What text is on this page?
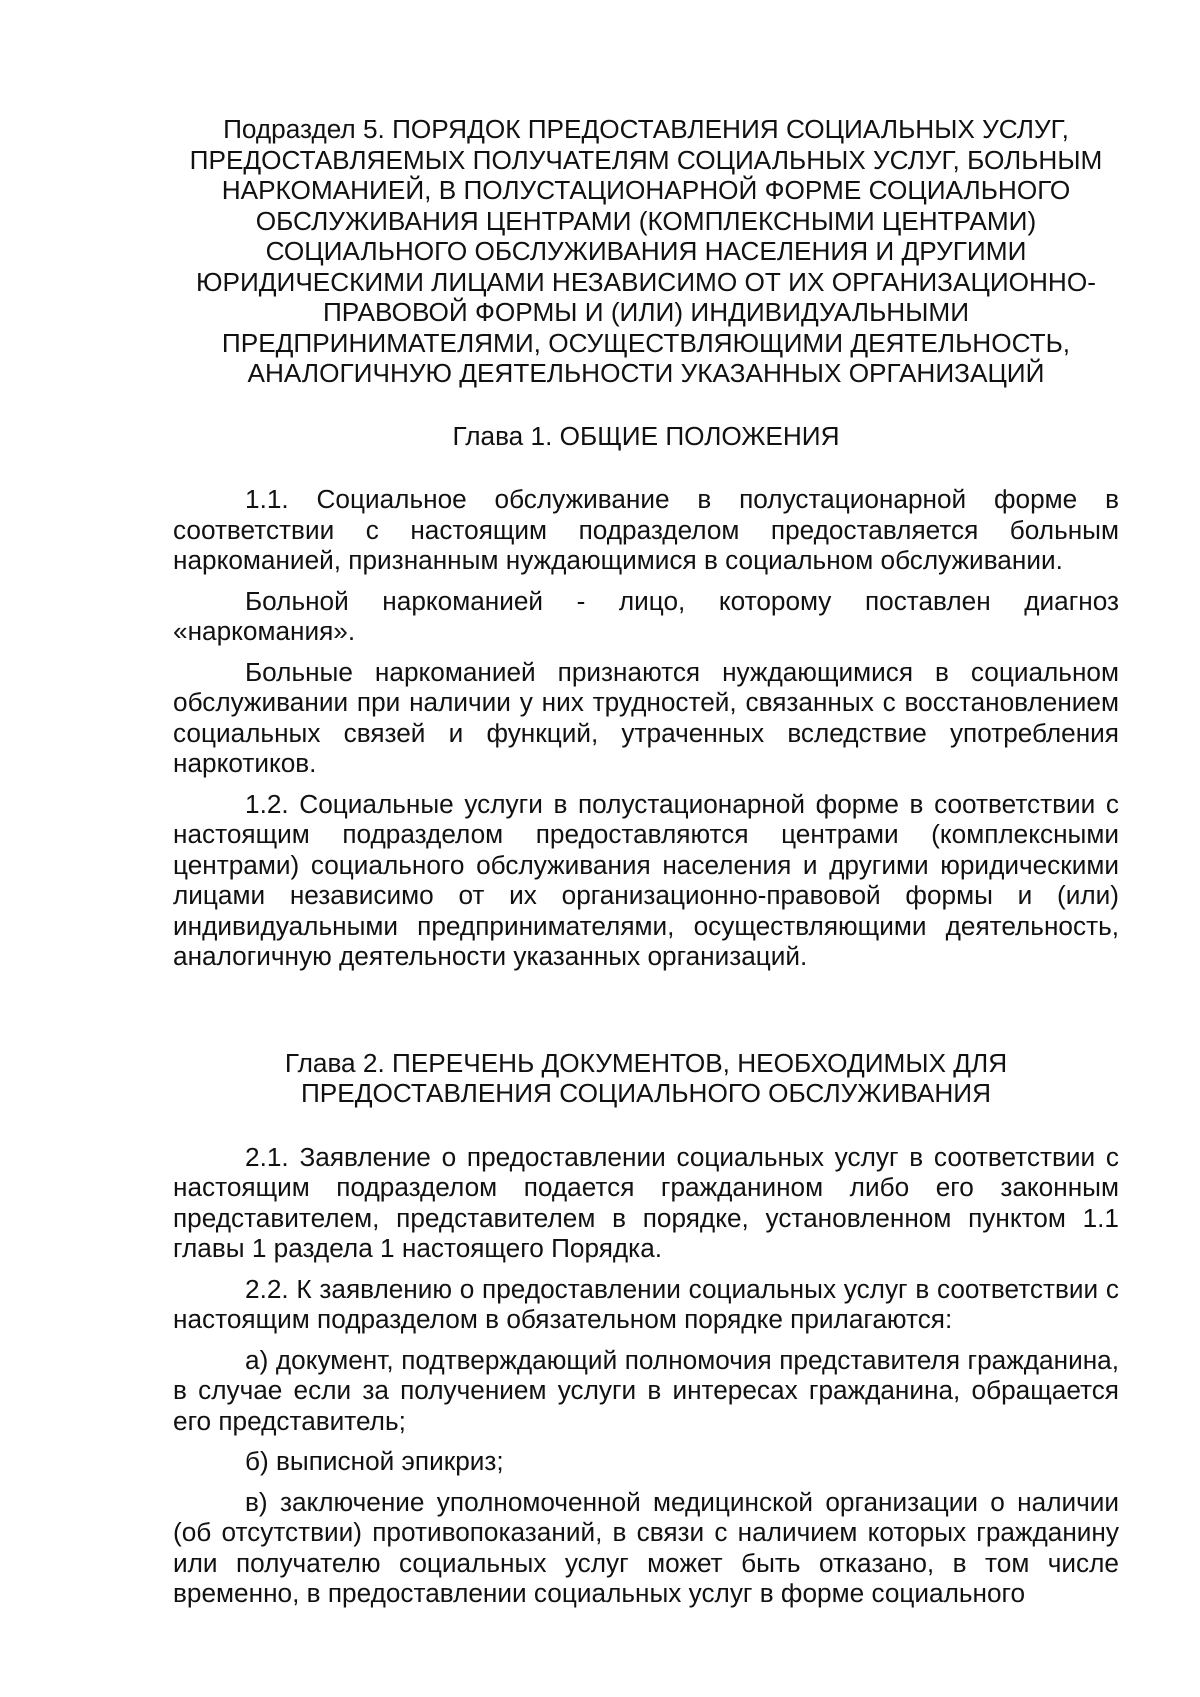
Подраздел 5. ПОРЯДОК ПРЕДОСТАВЛЕНИЯ СОЦИАЛЬНЫХ УСЛУГ,
ПРЕДОСТАВЛЯЕМЫХ ПОЛУЧАТЕЛЯМ СОЦИАЛЬНЫХ УСЛУГ, БОЛЬНЫМ
НАРКОМАНИЕЙ, В ПОЛУСТАЦИОНАРНОЙ ФОРМЕ СОЦИАЛЬНОГО
ОБСЛУЖИВАНИЯ ЦЕНТРАМИ (КОМПЛЕКСНЫМИ ЦЕНТРАМИ)
СОЦИАЛЬНОГО ОБСЛУЖИВАНИЯ НАСЕЛЕНИЯ И ДРУГИМИ
ЮРИДИЧЕСКИМИ ЛИЦАМИ НЕЗАВИСИМО ОТ ИХ ОРГАНИЗАЦИОННО-
ПРАВОВОЙ ФОРМЫ И (ИЛИ) ИНДИВИДУАЛЬНЫМИ
ПРЕДПРИНИМАТЕЛЯМИ, ОСУЩЕСТВЛЯЮЩИМИ ДЕЯТЕЛЬНОСТЬ,
АНАЛОГИЧНУЮ ДЕЯТЕЛЬНОСТИ УКАЗАННЫХ ОРГАНИЗАЦИЙ
Глава 1. ОБЩИЕ ПОЛОЖЕНИЯ

1.1. Социальное обслуживание в полустационарной форме в соответствии с настоящим подразделом предоставляется больным наркоманией, признанным нуждающимися в социальном обслуживании.

Больной наркоманией - лицо, которому поставлен диагноз «наркомания».

Больные наркоманией признаются нуждающимися в социальном обслуживании при наличии у них трудностей, связанных с восстановлением социальных связей и функций, утраченных вследствие употребления наркотиков.

1.2. Социальные услуги в полустационарной форме в соответствии с настоящим подразделом предоставляются центрами (комплексными центрами) социального обслуживания населения и другими юридическими лицами независимо от их организационно-правовой формы и (или) индивидуальными предпринимателями, осуществляющими деятельность, аналогичную деятельности указанных организаций.

Глава 2. ПЕРЕЧЕНЬ ДОКУМЕНТОВ, НЕОБХОДИМЫХ ДЛЯ
ПРЕДОСТАВЛЕНИЯ СОЦИАЛЬНОГО ОБСЛУЖИВАНИЯ

2.1. Заявление о предоставлении социальных услуг в соответствии с настоящим подразделом подается гражданином либо его законным представителем, представителем в порядке, установленном пунктом 1.1 главы 1 раздела 1 настоящего Порядка.

2.2. К заявлению о предоставлении социальных услуг в соответствии с настоящим подразделом в обязательном порядке прилагаются:

а) документ, подтверждающий полномочия представителя гражданина, в случае если за получением услуги в интересах гражданина, обращается его представитель;

б) выписной эпикриз;

в) заключение уполномоченной медицинской организации о наличии (об отсутствии) противопоказаний, в связи с наличием которых гражданину или получателю социальных услуг может быть отказано, в том числе временно, в предоставлении социальных услуг в форме социального
